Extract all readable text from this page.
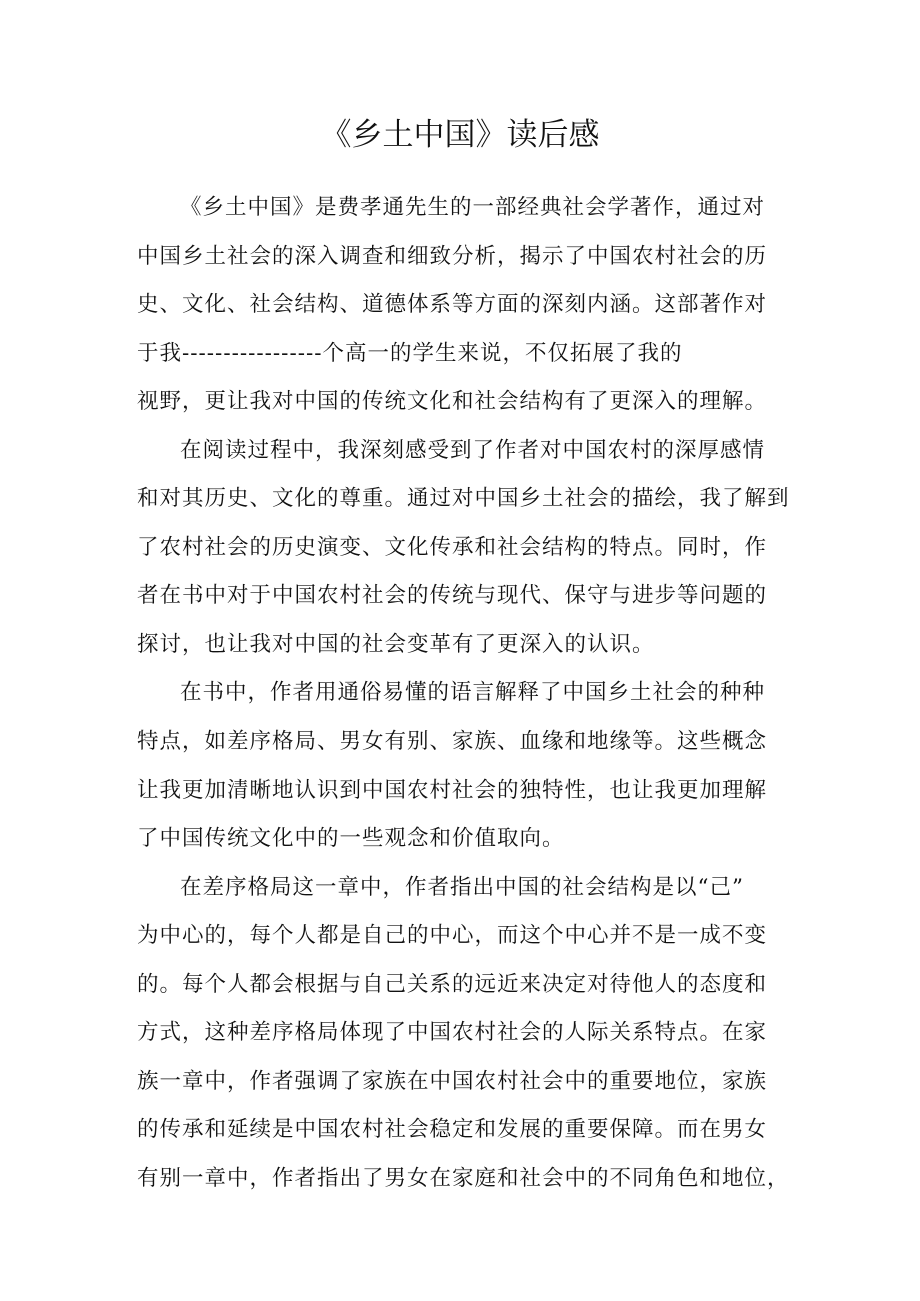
《乡土中国》读后感

《乡土中国》是费孝通先生的一部经典社会学著作，通过对
中国乡土社会的深入调查和细致分析，揭示了中国农村社会的历
史、文化、社会结构、道德体系等方面的深刻内涵。这部著作对
于我-----------------个高一的学生来说，不仅拓展了我的
视野，更让我对中国的传统文化和社会结构有了更深入的理解。

在阅读过程中，我深刻感受到了作者对中国农村的深厚感情
和对其历史、文化的尊重。通过对中国乡土社会的描绘，我了解到
了农村社会的历史演变、文化传承和社会结构的特点。同时，作
者在书中对于中国农村社会的传统与现代、保守与进步等问题的
探讨，也让我对中国的社会变革有了更深入的认识。

在书中，作者用通俗易懂的语言解释了中国乡土社会的种种
特点，如差序格局、男女有别、家族、血缘和地缘等。这些概念
让我更加清晰地认识到中国农村社会的独特性，也让我更加理解
了中国传统文化中的一些观念和价值取向。

在差序格局这一章中，作者指出中国的社会结构是以“己”
为中心的，每个人都是自己的中心，而这个中心并不是一成不变
的。每个人都会根据与自己关系的远近来决定对待他人的态度和
方式，这种差序格局体现了中国农村社会的人际关系特点。在家
族一章中，作者强调了家族在中国农村社会中的重要地位，家族
的传承和延续是中国农村社会稳定和发展的重要保障。而在男女
有别一章中，作者指出了男女在家庭和社会中的不同角色和地位，
